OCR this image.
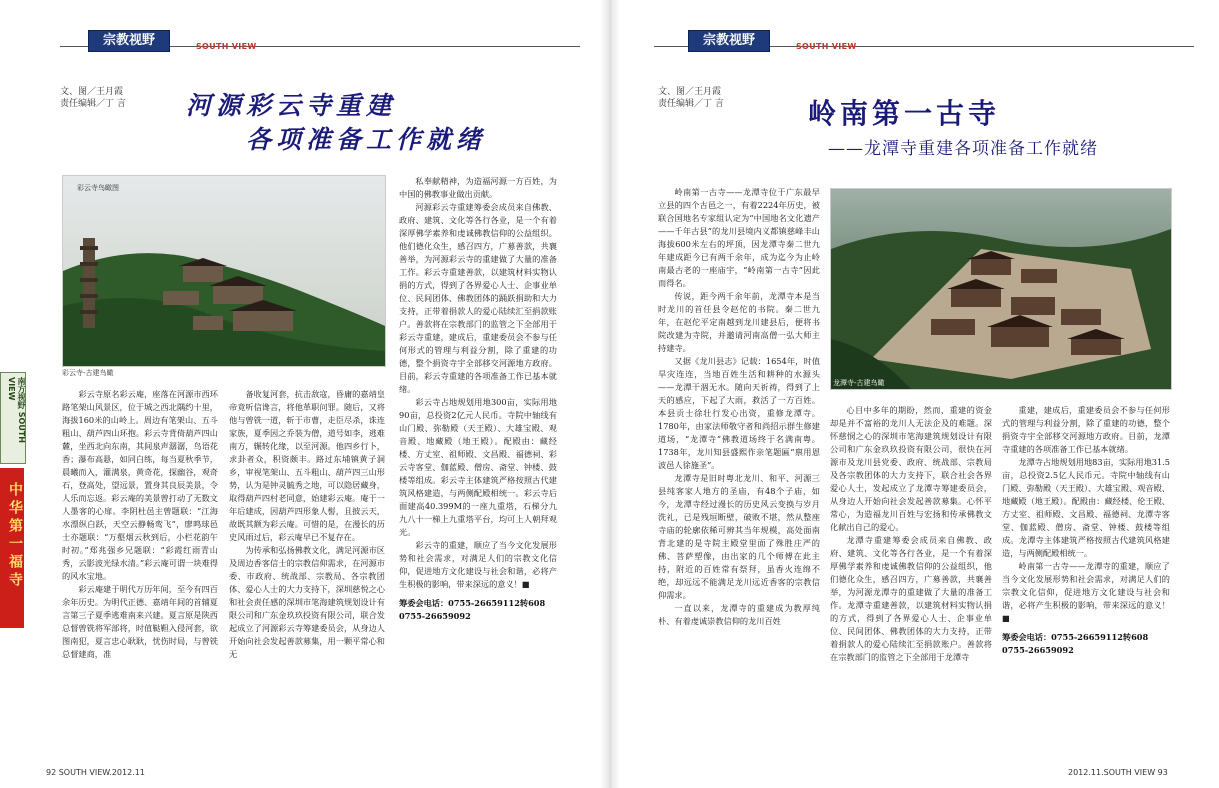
宗教视野	SOUTH VIEW
文、图／王月霞
责任编辑／丁 言 河源彩云寺重建
各项准备工作就绪
彩云寺鸟瞰图
彩云寺-古建鸟瞰

彩云寺原名彩云庵，座落在河源市西环路笔架山风景区，位于城之西北隅约十里，海拔160米的山岭上。周边有笔架山、五斗粗山、葫芦四山环抱。彩云寺背倚葫芦四山麓，坐西北向东南，其间泉声潺潺，鸟语花香；瀑布高悬，如同白练，每当夏秋季节，晨曦而入，灌满泉，黄奇花，探幽谷，观奇石，登高处，望远景，置身其良辰美景，令人乐而忘返。彩云庵的美景曾打动了无数文人墨客的心扉。李阴杜邑主曾题联：“江海水漂纵白跃，天空云静畅鸾飞”，廖鸣球邑士亦题联：“万壑烟云秋到后，小栏花韵午时初。”郑兆强乡兄题联：“彩霞红雨青山秀，云影波光绿水清。”彩云庵可谓一块难得的风水宝地。

彩云庵建于明代万历年间，至今有四百余年历史。为明代正德、嘉靖年间的首辅夏言第三子夏季逃难南来兴建。夏言原是陕西总督曾铣将军部将，时值鞑靼入侵河套，欲图南犯，夏言忠心耿耿，忧伤时局，与曾铣总督建商，准

备收复河套，抗击敌寇，昏庸的嘉靖皇帝竟听信谗言，将他革职问罪。随后，又将他与曾铣一道，斩于市曹，走臣尽杀，诛连家族，夏季因之乔装为僧，道号如李，逃难南方，辗转化缘，以至河源。他四乡行卜，求卦者众，积资颇丰。路过东埔镇黄子洞乡，审视笔架山、五斗粗山、葫芦四三山形势，认为是钟灵毓秀之地，可以隐居藏身，取得葫芦四村老同意，始建彩云庵。庵于一年后建成，因葫芦四形象人髻，且披云天，故既其额为彩云庵。可惜的是，在漫长的历史风雨过后，彩云庵早已不复存在。

为传承和弘扬佛教文化，满足河源市区及周边香客信士的宗教信仰需求，在河源市委、市政府、统战部、宗教局、各宗教团体、爱心人士的大力支持下，深圳慈悦之心和社会责任感的深圳市笔海建筑规划设计有限公司和广东金玖玖投资有限公司，联合发起成立了河源彩云寺筹建委员会，从身边人开始向社会发起善款募集，用一颗平常心和无

私奉献精神，为造福河源一方百姓，为中国的佛教事业做出贡献。

河源彩云寺重建筹委会成员来自佛教、政府、建筑、文化等各行各业，是一个有着深厚佛学素养和虔诚佛教信仰的公益组织。他们德化众生，感召四方，广募善款，共襄善举，为河源彩云寺的重建做了大量的准备工作。彩云寺重建善款，以建筑材料实物认捐的方式，得到了各界爱心人士、企事业单位、民间团体、佛教团体的踊跃捐助和大力支持，正带着捐款人的爱心陆续汇至捐款账户。善款将在宗教部门的监管之下全部用于彩云寺重建，建成后，重建委员会不参与任何形式的管理与利益分割，除了重建的功德，整个捐资寺宇全部移交河源地方政府。目前，彩云寺重建的各项准备工作已基本就绪。

彩云寺占地规划用地300亩，实际用地90亩，总投资2亿元人民币。寺院中轴线有山门殿、弥勒殿（天王殿）、大雄宝殿、观音殿、地藏殿（地王殿）。配殿由：藏经楼、方丈室、祖师殿、文昌殿、福德祠、彩云寺客堂、伽蓝殿、僧房、斋堂、钟楼、鼓楼等组成。彩云寺主体建筑严格按照古代建筑风格建造，与两侧配殿相统一。彩云寺后面建高40.399M的一座九重塔，石梯分九九八十一梯上九重塔平台，均可上人朝拜观光。

彩云寺的重建，顺应了当今文化发展形势和社会需求，对满足人们的宗教文化信仰，促进地方文化建设与社会和谐，必将产生积极的影响，带来深远的意义！■

筹委会电话：0755-26659112转608

0755-26659092

92 SOUTH VIEW.2012.11
南方视野 SOUTH VIEW
中华第一福寺
宗教视野	SOUTH VIEW
文、图／王月霞
责任编辑／丁 言	岭南第一古寺
——龙潭寺重建各项准备工作就绪

岭南第一古寺——龙潭寺位于广东最早立县的四个古邑之一，有着2224年历史，被联合国地名专家组认定为“中国地名文化遗产——千年古县”的龙川县境内义都镇慈峰丰山海拔600米左右的坪顶，因龙潭寺秦二世九年建成距今已有两千余年，成为迄今为止岭南最古老的一座庙宇，“岭南第一古寺”因此而得名。

传说，距今两千余年前，龙潭寺本是当时龙川的首任县令赵佗的书院。秦二世九年，在赵佗平定南越到龙川建县后，便将书院改建为寺院，并邀请河南高僧一弘大师主持建寺。

又据《龙川县志》记载：1654年，时值旱灾连连，当地百姓生活和耕种的水源头——龙潭干涸无水。随向天祈祷，得到了上天的感应，下起了大雨，救活了一方百姓。本县贡士徐壮行发心出资，重修龙潭寺。1780年，由家法师敬守者和尚招示群生修建道场，“龙潭寺”佛教道场终于名满南粤。1738年，龙川知县盛熙作亲笔题匾“禀用恩波邑人徐施圣”。

龙潭寺是旧时粤北龙川、和平、河源三县纯客家人地方的圣庙，有48个子庙，如今，龙潭寺经过漫长的历史风云变换与岁月洗礼，已是残垣断壁，破败不堪，然从整座寺庙的轮廓依稀可辨其当年规模，高处面南背北建的是寺院主殿堂里面了殊胜庄严的佛、菩萨塑像，由出家的几个师傅在此主持，附近的百姓常有祭拜，虽香火连绵不绝，却远远不能满足龙川远近香客的宗教信仰需求。

一直以来，龙潭寺的重建成为教厚纯朴、有着虔诚崇教信仰的龙川百姓

龙潭寺-古建鸟瞰

心目中多年的期盼，然而，重建的资金却是并不富裕的龙川人无法企及的难题。深怀慈悯之心的深圳市笔海建筑规划设计有限公司和广东金玖玖投资有限公司，很快在河源市及龙川县党委、政府、统战部、宗教局及各宗教团体的大力支持下，联合社会各界爱心人士，发起成立了龙潭寺筹建委员会，从身边人开始向社会发起善款募集。心怀平常心，为造福龙川百姓与宏扬和传承佛教文化献出自己的爱心。

龙潭寺重建筹委会成员来自佛教、政府、建筑、文化等各行各业，是一个有着深厚佛学素养和虔诚佛教信仰的公益组织，他们德化众生，感召四方，广募善款，共襄善举，为河源龙潭寺的重建做了大量的准备工作。龙潭寺重建善款，以建筑材料实物认捐的方式，得到了各界爱心人士、企事业单位、民间团体、佛教团体的大力支持，正带着捐款人的爱心陆续汇至捐款账户。善款将在宗教部门的监管之下全部用于龙潭寺

重建，建成后，重建委员会不参与任何形式的管理与利益分割，除了重建的功德，整个捐资寺宇全部移交河源地方政府。目前，龙潭寺重建的各项准备工作已基本就绪。

龙潭寺占地规划用地83亩，实际用地31.5亩，总投资2.5亿人民币元。寺院中轴线有山门殿、弥勒殿（天王殿）、大雄宝殿、观音殿、地藏殿（地王殿）。配殿由：藏经楼、伦王殿、方丈室、祖师殿、文昌殿、福德祠、龙潭寺客堂、伽蓝殿、僧房、斋堂、钟楼、鼓楼等组成。龙潭寺主体建筑严格按照古代建筑风格建造，与两侧配殿相统一。

岭南第一古寺——龙潭寺的重建，顺应了当今文化发展形势和社会需求，对满足人们的宗教文化信仰，促进地方文化建设与社会和谐，必将产生积极的影响，带来深远的意义！■

筹委会电话：0755-26659112转608

0755-26659092

2012.11.SOUTH VIEW 93
